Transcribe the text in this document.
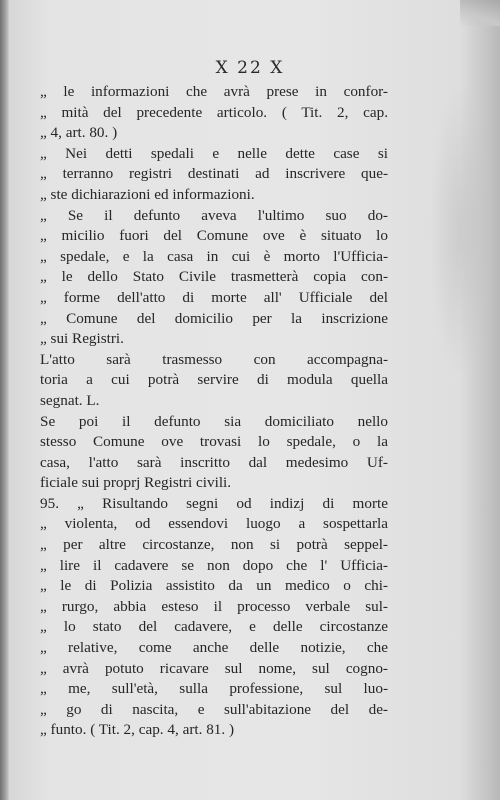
X 22 X
„ le informazioni che avrà prese in confor-
„ mità del precedente articolo. ( Tit. 2, cap.
„ 4, art. 80. )
„ Nei detti spedali e nelle dette case si
„ terranno registri destinati ad inscrivere que-
„ ste dichiarazioni ed informazioni.
„ Se il defunto aveva l'ultimo suo do-
„ micilio fuori del Comune ove è situato lo
„ spedale, e la casa in cui è morto l'Ufficia-
„ le dello Stato Civile trasmetterà copia con-
„ forme dell'atto di morte all' Ufficiale del
„ Comune del domicilio per la inscrizione
„ sui Registri.
L'atto sarà trasmesso con accompagna-
toria a cui potrà servire di modula quella
segnat. L.
Se poi il defunto sia domiciliato nello
stesso Comune ove trovasi lo spedale, o la
casa, l'atto sarà inscritto dal medesimo Uf-
ficiale sui proprj Registri civili.
95. „ Risultando segni od indizj di morte
„ violenta, od essendovi luogo a sospettarla
„ per altre circostanze, non si potrà seppel-
„ lire il cadavere se non dopo che l' Ufficia-
„ le di Polizia assistito da un medico o chi-
„ rurgo, abbia esteso il processo verbale sul-
„ lo stato del cadavere, e delle circostanze
„ relative, come anche delle notizie, che
„ avrà potuto ricavare sul nome, sul cogno-
„ me, sull'età, sulla professione, sul luo-
„ go di nascita, e sull'abitazione del de-
„ funto. ( Tit. 2, cap. 4, art. 81. )
